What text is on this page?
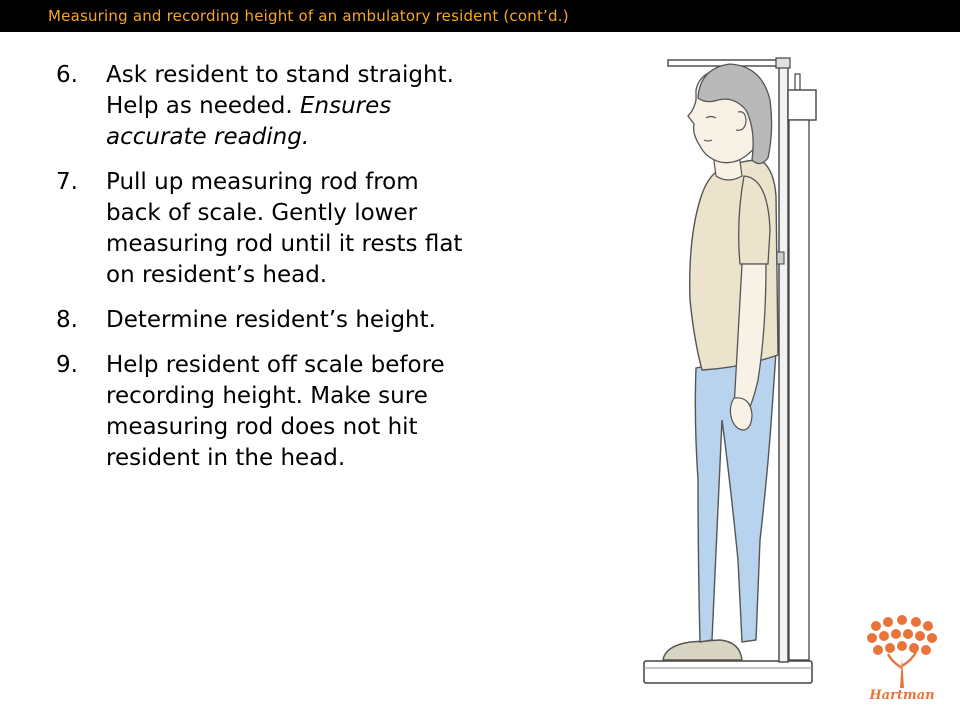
Measuring and recording height of an ambulatory resident (cont’d.)
6. Ask resident to stand straight. Help as needed. Ensures accurate reading.
7. Pull up measuring rod from back of scale. Gently lower measuring rod until it rests flat on resident’s head.
8. Determine resident’s height.
9. Help resident off scale before recording height. Make sure measuring rod does not hit resident in the head.
Hartman
